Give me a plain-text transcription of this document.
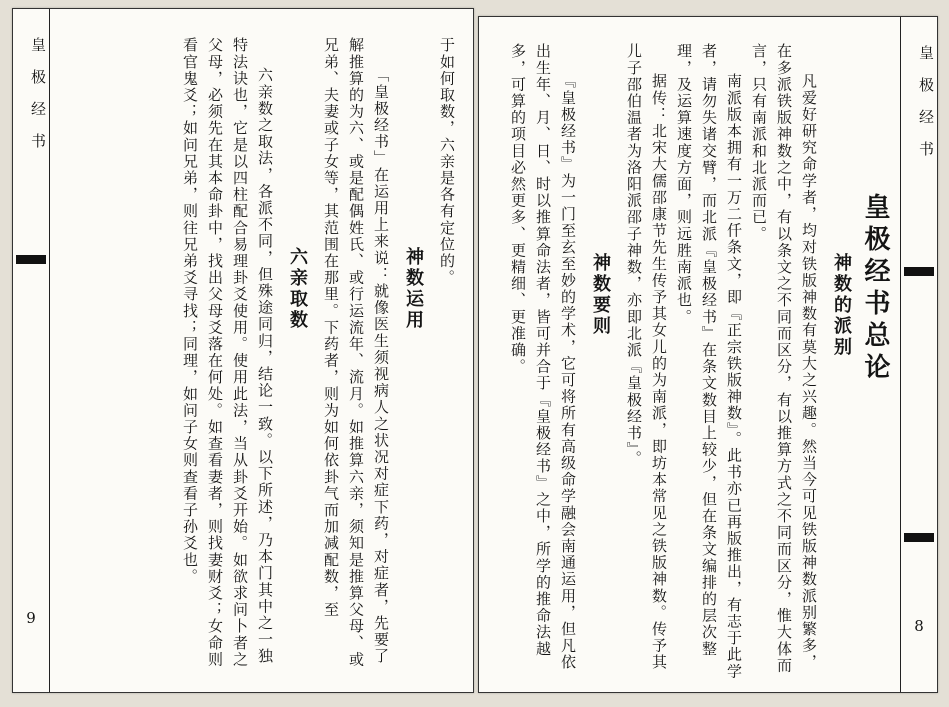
皇极经书
9

于如何取数，六亲是各有定位的。

神数运用

「皇极经书」在运用上来说：就像医生须视病人之状况对症下药，对症者，先要了解推算的为六、或是配偶姓氏、或行运流年、流月。如推算六亲，须知是推算父母、或兄弟、夫妻或子女等，其范围在那里。下药者，则为如何依卦气而加减配数，至

六亲取数

六亲数之取法，各派不同，但殊途同归，结论一致。以下所述，乃本门其中之一独特法诀也，它是以四柱配合易理卦爻使用。使用此法，当从卦爻开始。如欲求问卜者之父母，必须先在其本命卦中，找出父母爻落在何处。如查看妻者，则找妻财爻；女命则看官鬼爻；如问兄弟，则往兄弟爻寻找；同理，如问子女则查看子孙爻也。	皇极经书
8

皇极经书总论

神数的派别

凡爱好研究命学者，均对铁版神数有莫大之兴趣。然当今可见铁版神数派别繁多，在多派铁版神数之中，有以条文之不同而区分，有以推算方式之不同而区分，惟大体而言，只有南派和北派而已。

南派版本拥有一万二仟条文，即『正宗铁版神数』。此书亦已再版推出，有志于此学者，请勿失诸交臂，而北派『皇极经书』在条文数目上较少，但在条文编排的层次整理，及运算速度方面，则远胜南派也。

据传：北宋大儒邵康节先生传予其女儿的为南派，即坊本常见之铁版神数。传予其儿子邵伯温者为洛阳派邵子神数，亦即北派『皇极经书』。

神数要则

『皇极经书』为一门至玄至妙的学术，它可将所有高级命学融会南通运用，但凡依出生年、月、日、时以推算命法者，皆可并合于『皇极经书』之中，所学的推命法越多，可算的项目必然更多、更精细、更准确。
